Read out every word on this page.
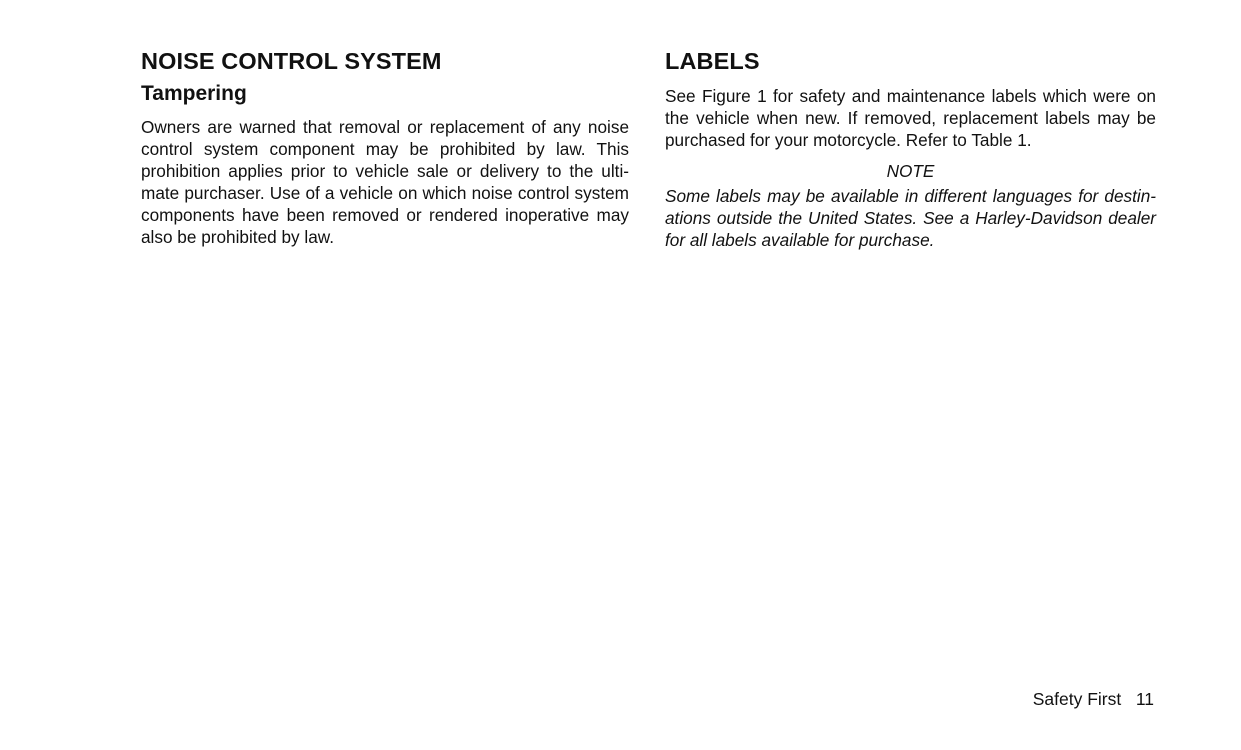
NOISE CONTROL SYSTEM
Tampering

Owners are warned that removal or replacement of any noise control system component may be prohibited by law. This prohibition applies prior to vehicle sale or delivery to the ultimate purchaser. Use of a vehicle on which noise control system components have been removed or rendered inoperative may also be prohibited by law.

LABELS

See Figure 1 for safety and maintenance labels which were on the vehicle when new. If removed, replacement labels may be purchased for your motorcycle. Refer to Table 1.

NOTE

Some labels may be available in different languages for destinations outside the United States. See a Harley-Davidson dealer for all labels available for purchase.

Safety First 11
